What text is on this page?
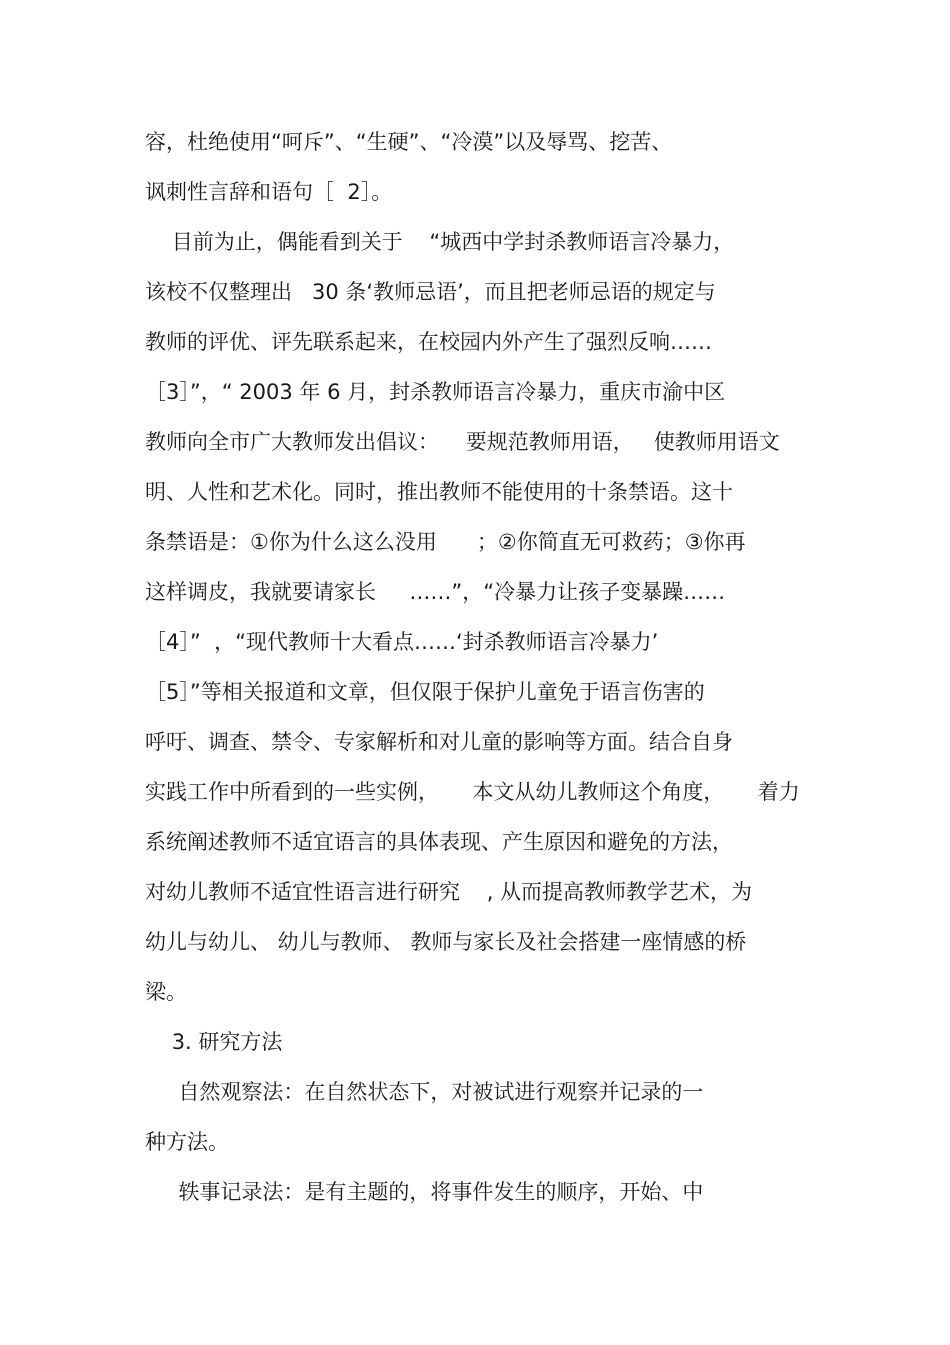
容，杜绝使用“呵斥”、“生硬”、“冷漠”以及辱骂、挖苦、
讽刺性言辞和语句［  2］。
目前为止，偶能看到关于    “城西中学封杀教师语言冷暴力，
该校不仅整理出   30 条‘教师忌语’，而且把老师忌语的规定与
教师的评优、评先联系起来，在校园内外产生了强烈反响……
［3］”，“ 2003 年 6 月，封杀教师语言冷暴力，重庆市渝中区
教师向全市广大教师发出倡议：    要规范教师用语，   使教师用语文
明、人性和艺术化。同时，推出教师不能使用的十条禁语。这十
条禁语是：①你为什么这么没用      ；②你简直无可救药；③你再
这样调皮，我就要请家长     ……”，“冷暴力让孩子变暴躁……
［4］”  ，“现代教师十大看点……‘封杀教师语言冷暴力’
［5］”等相关报道和文章，但仅限于保护儿童免于语言伤害的
呼吁、调查、禁令、专家解析和对儿童的影响等方面。结合自身
实践工作中所看到的一些实例，     本文从幼儿教师这个角度，     着力
系统阐述教师不适宜语言的具体表现、产生原因和避免的方法，
对幼儿教师不适宜性语言进行研究    , 从而提高教师教学艺术，为
幼儿与幼儿、 幼儿与教师、 教师与家长及社会搭建一座情感的桥
梁。
3. 研究方法
自然观察法：在自然状态下，对被试进行观察并记录的一
种方法。
轶事记录法：是有主题的，将事件发生的顺序，开始、中
